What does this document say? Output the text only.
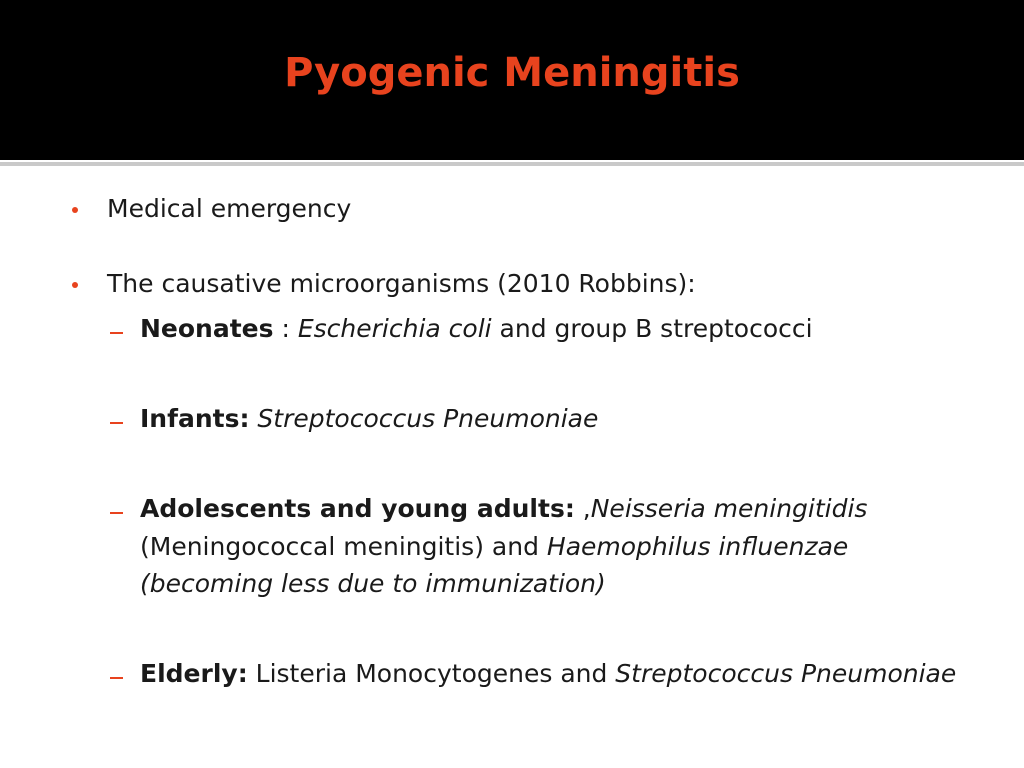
Pyogenic Meningitis
Medical emergency
The causative microorganisms (2010 Robbins):
Neonates : Escherichia coli and group B streptococci
Infants: Streptococcus Pneumoniae
Adolescents and young adults: ,Neisseria meningitidis
(Meningococcal meningitis) and Haemophilus influenzae
(becoming less due to immunization)
Elderly: Listeria Monocytogenes and Streptococcus Pneumoniae
